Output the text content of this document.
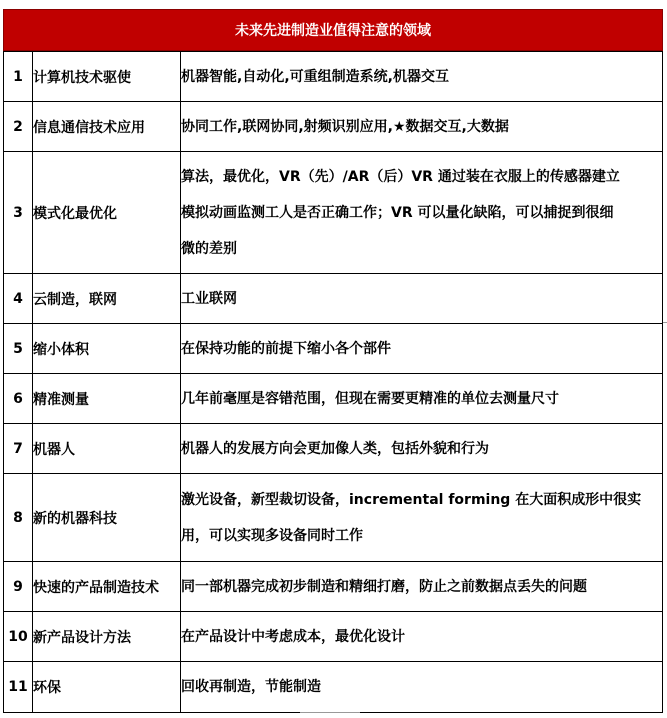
未来先进制造业值得注意的领域
1	计算机技术驱使	机器智能,自动化,可重组制造系统,机器交互

2	信息通信技术应用	协同工作,联网协同,射频识别应用,★数据交互,大数据

3	模式化最优化	算法，最优化，VR（先）/AR（后）VR 通过装在衣服上的传感器建立
模拟动画监测工人是否正确工作；VR 可以量化缺陷，可以捕捉到很细
微的差别

4	云制造，联网	工业联网

5	缩小体积	在保持功能的前提下缩小各个部件

6	精准测量	几年前毫厘是容错范围，但现在需要更精准的单位去测量尺寸

7	机器人	机器人的发展方向会更加像人类，包括外貌和行为

8	新的机器科技	激光设备，新型裁切设备，incremental forming 在大面积成形中很实
用，可以实现多设备同时工作

9	快速的产品制造技术	同一部机器完成初步制造和精细打磨，防止之前数据点丢失的问题

10	新产品设计方法	在产品设计中考虑成本，最优化设计

11	环保	回收再制造，节能制造
